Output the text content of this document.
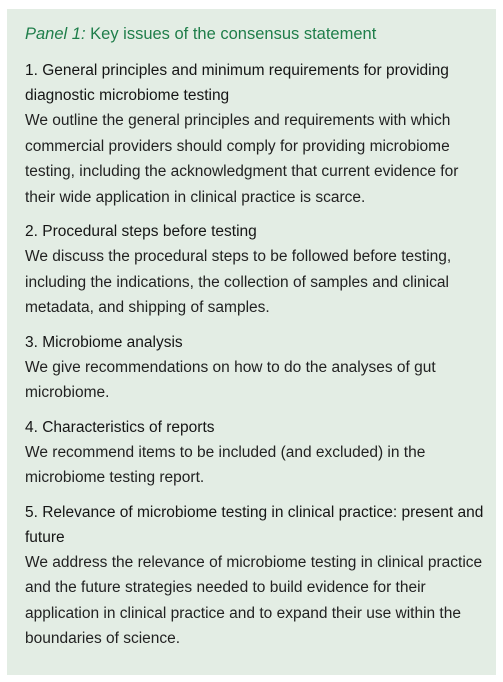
Panel 1: Key issues of the consensus statement

1. General principles and minimum requirements for providing diagnostic microbiome testing

We outline the general principles and requirements with which commercial providers should comply for providing microbiome testing, including the acknowledgment that current evidence for their wide application in clinical practice is scarce.

2. Procedural steps before testing

We discuss the procedural steps to be followed before testing, including the indications, the collection of samples and clinical metadata, and shipping of samples.

3. Microbiome analysis

We give recommendations on how to do the analyses of gut microbiome.

4. Characteristics of reports

We recommend items to be included (and excluded) in the microbiome testing report.

5. Relevance of microbiome testing in clinical practice: present and future

We address the relevance of microbiome testing in clinical practice and the future strategies needed to build evidence for their application in clinical practice and to expand their use within the boundaries of science.
